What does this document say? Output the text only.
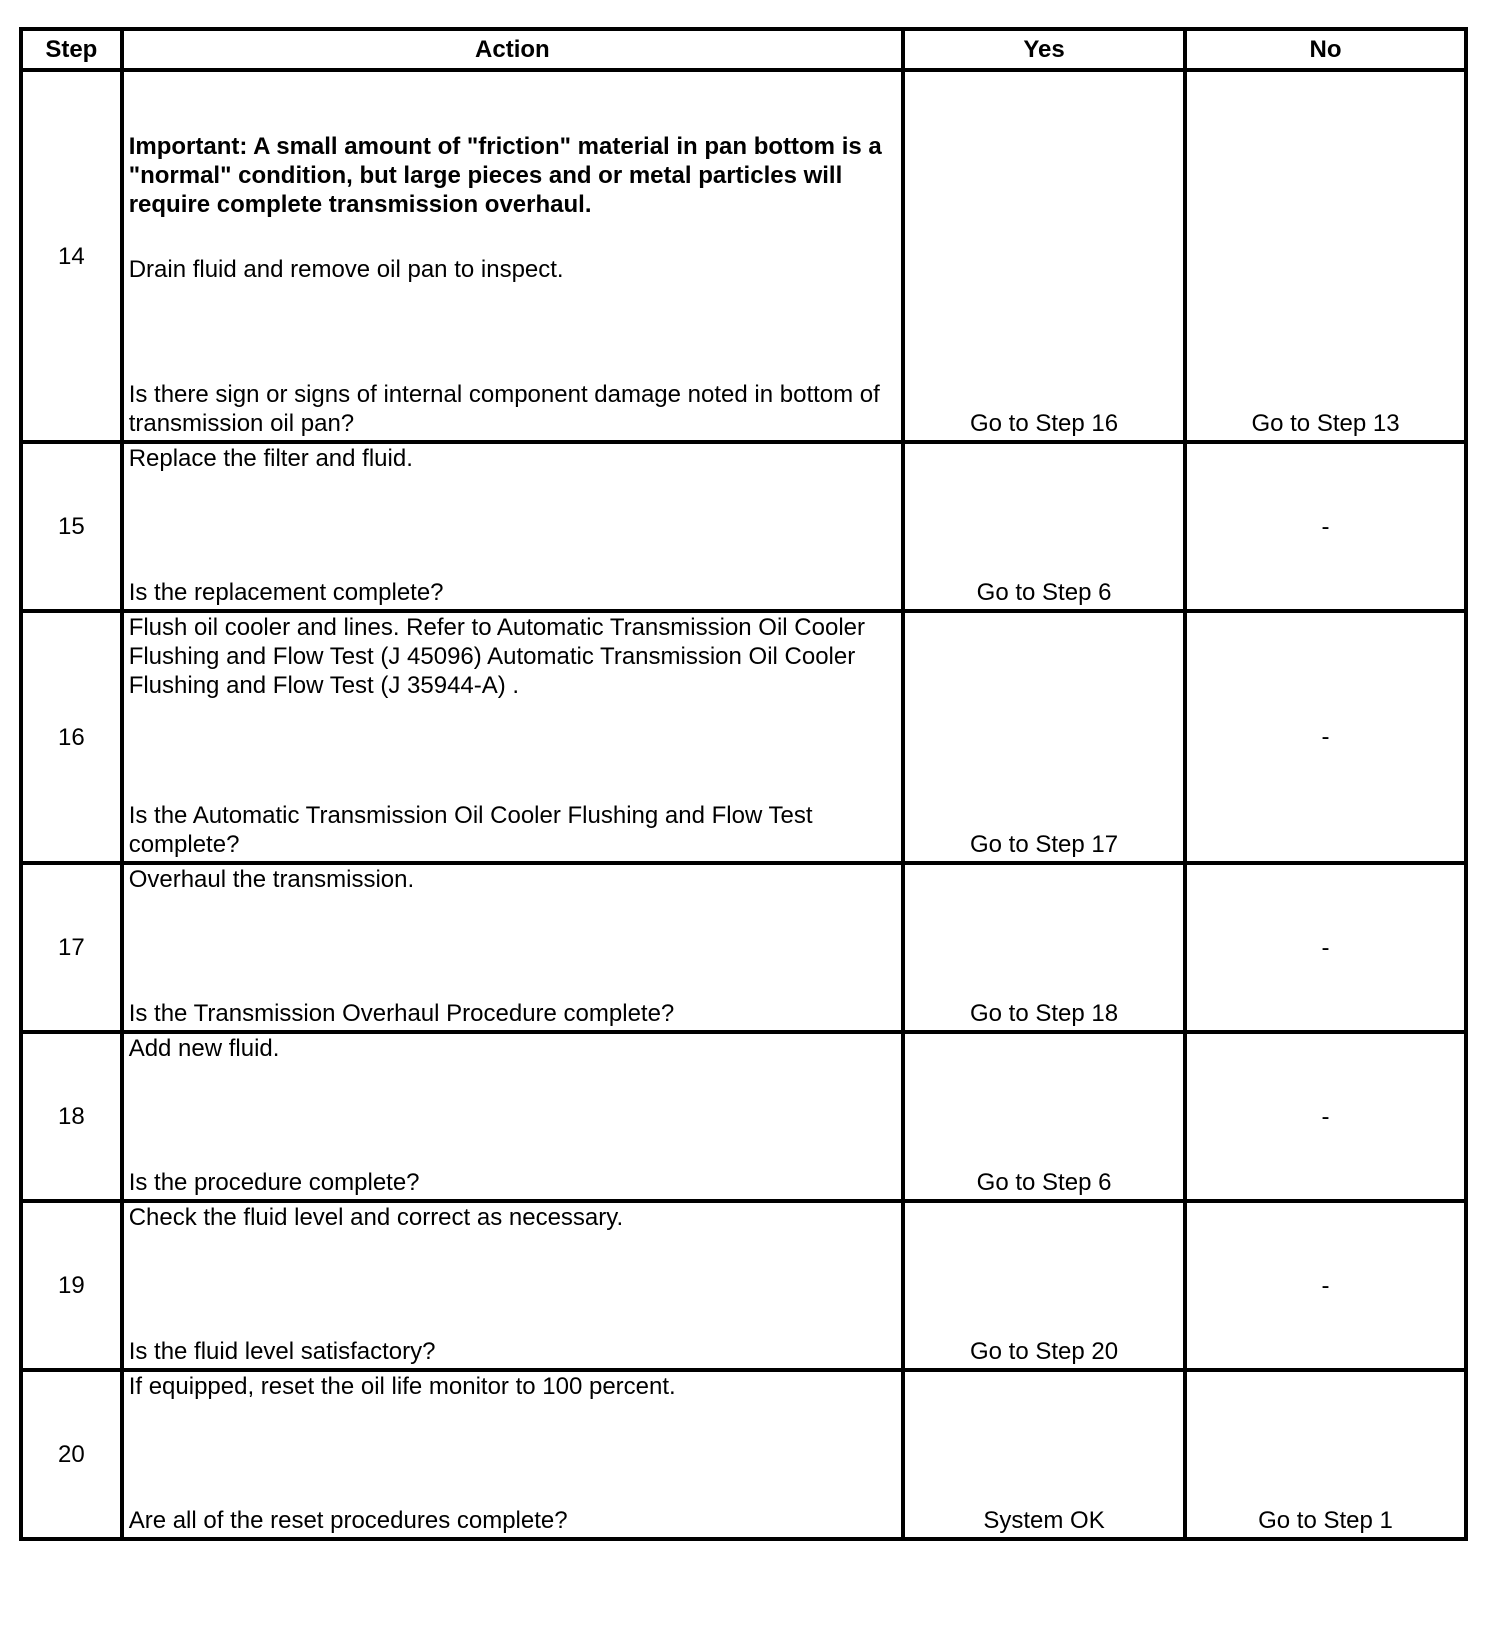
Step	Action	Yes	No
14	Important: A small amount of "friction" material in pan bottom is a "normal" condition, but large pieces and or metal particles will require complete transmission overhaul.
Drain fluid and remove oil pan to inspect.
Is there sign or signs of internal component damage noted in bottom of transmission oil pan?	Go to Step 16	Go to Step 13

15	Replace the filter and fluid.
Is the replacement complete?	Go to Step 6	-

16	Flush oil cooler and lines. Refer to Automatic Transmission Oil Cooler Flushing and Flow Test (J 45096) Automatic Transmission Oil Cooler Flushing and Flow Test (J 35944-A) .
Is the Automatic Transmission Oil Cooler Flushing and Flow Test complete?	Go to Step 17	-

17	Overhaul the transmission.
Is the Transmission Overhaul Procedure complete?	Go to Step 18	-

18	Add new fluid.
Is the procedure complete?	Go to Step 6	-

19	Check the fluid level and correct as necessary.
Is the fluid level satisfactory?	Go to Step 20	-

20	If equipped, reset the oil life monitor to 100 percent.
Are all of the reset procedures complete?	System OK	Go to Step 1
